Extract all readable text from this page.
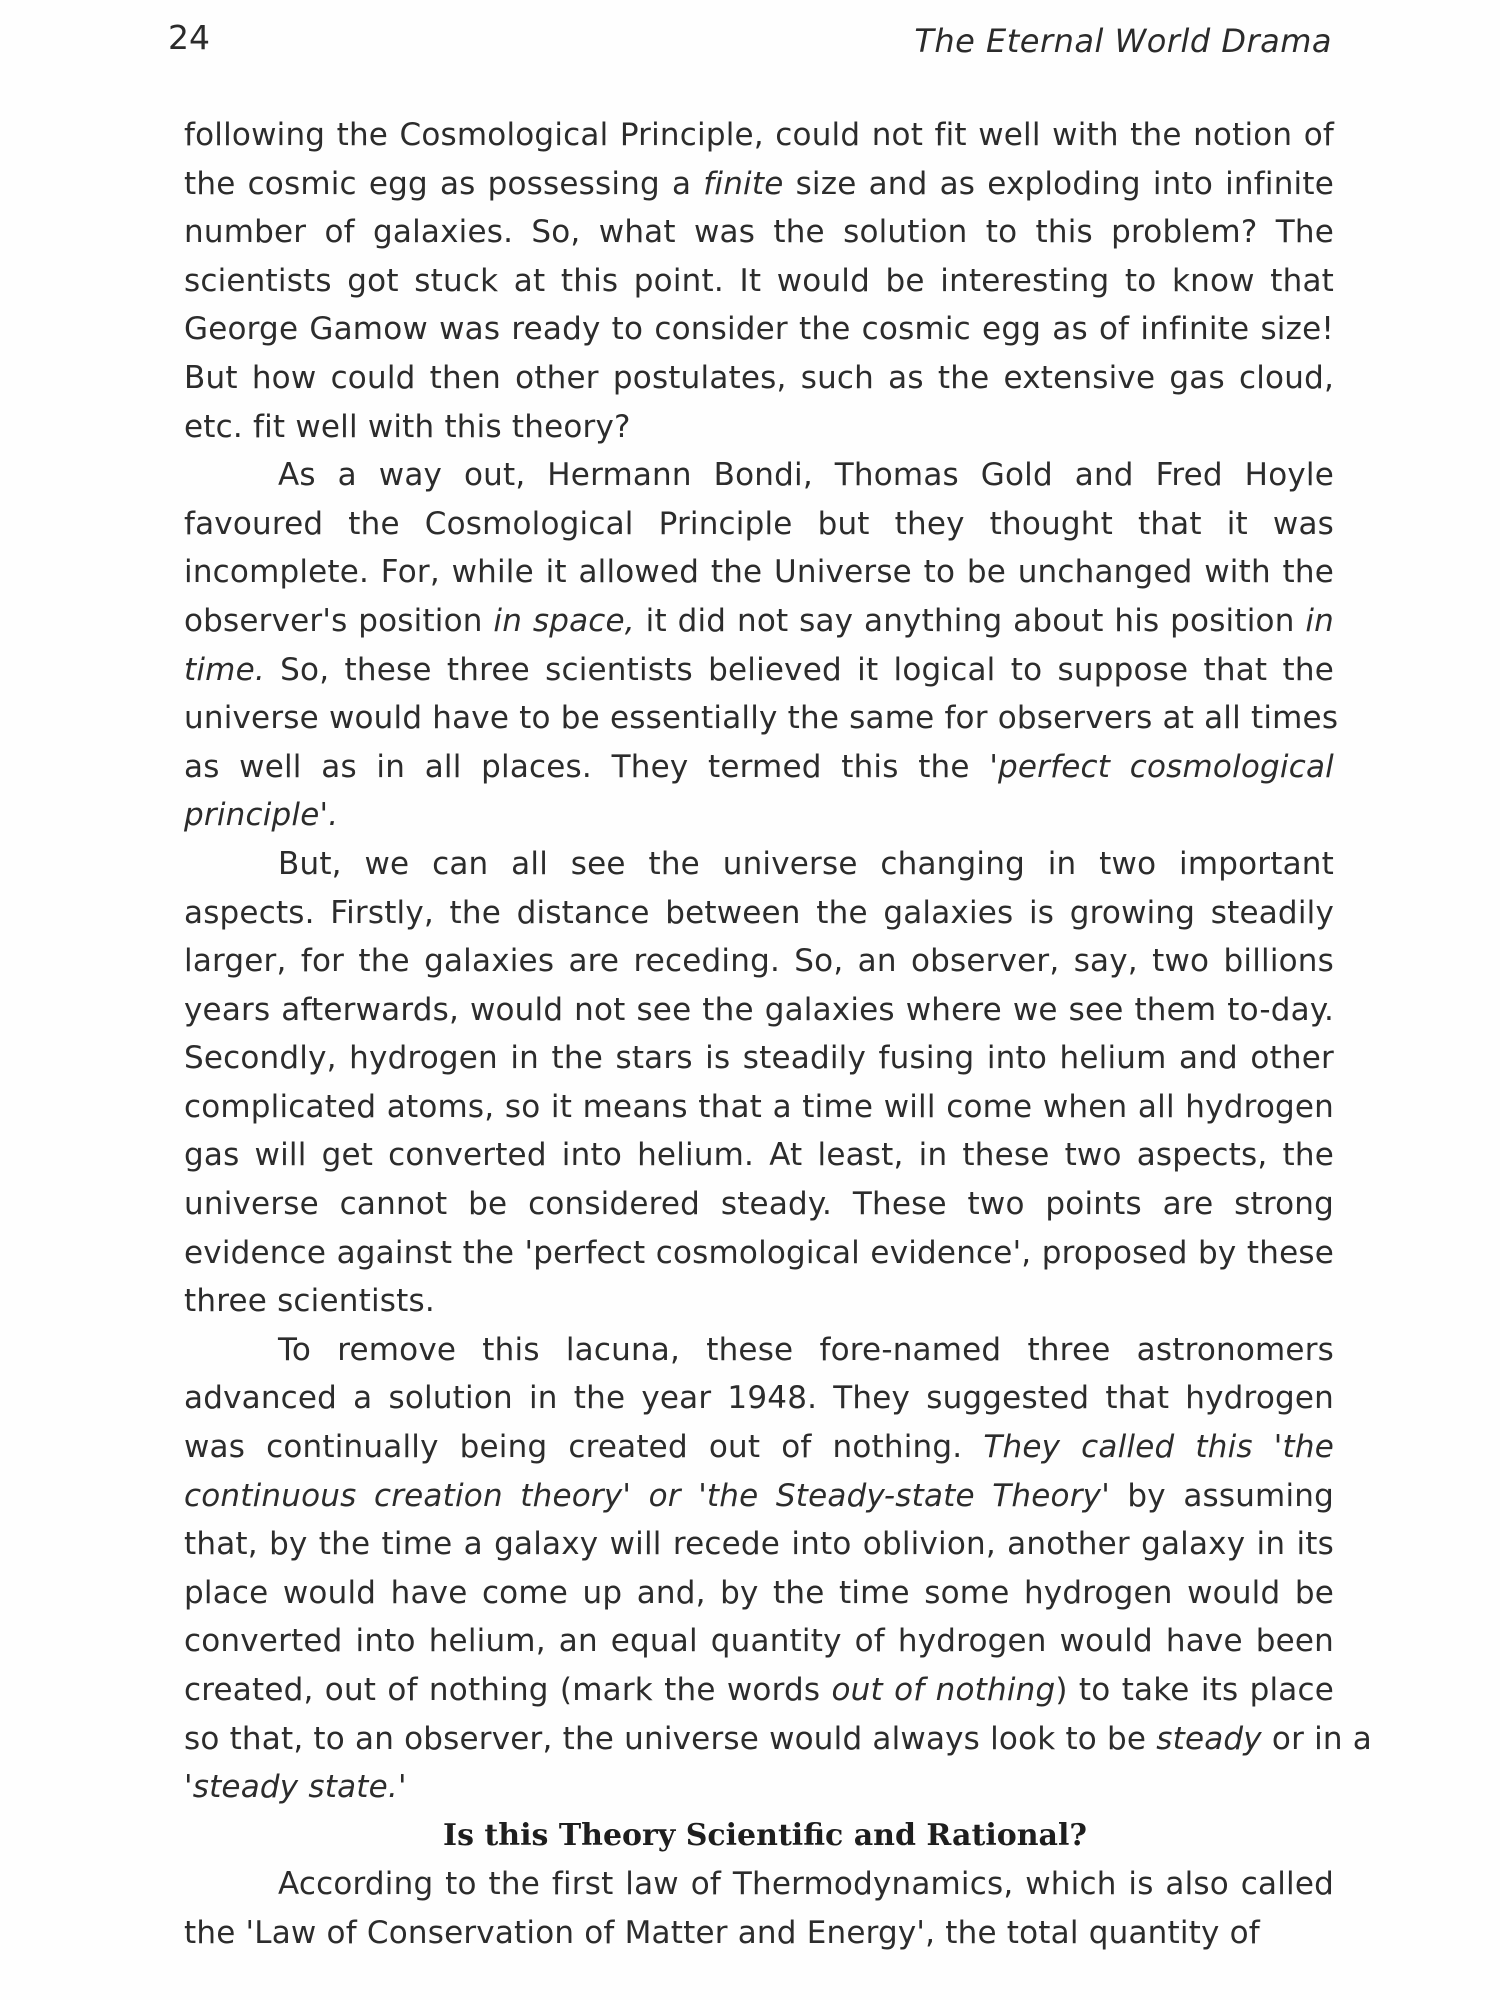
24	The Eternal World Drama
following the Cosmological Principle, could not fit well with the notion of
the cosmic egg as possessing a finite size and as exploding into infinite
number of galaxies. So, what was the solution to this problem? The
scientists got stuck at this point. It would be interesting to know that
George Gamow was ready to consider the cosmic egg as of infinite size!
But how could then other postulates, such as the extensive gas cloud,
etc. fit well with this theory?
As a way out, Hermann Bondi, Thomas Gold and Fred Hoyle
favoured the Cosmological Principle but they thought that it was
incomplete. For, while it allowed the Universe to be unchanged with the
observer's position in space, it did not say anything about his position in
time. So, these three scientists believed it logical to suppose that the
universe would have to be essentially the same for observers at all times
as well as in all places. They termed this the 'perfect cosmological
principle'.
But, we can all see the universe changing in two important
aspects. Firstly, the distance between the galaxies is growing steadily
larger, for the galaxies are receding. So, an observer, say, two billions
years afterwards, would not see the galaxies where we see them to-day.
Secondly, hydrogen in the stars is steadily fusing into helium and other
complicated atoms, so it means that a time will come when all hydrogen
gas will get converted into helium. At least, in these two aspects, the
universe cannot be considered steady. These two points are strong
evidence against the 'perfect cosmological evidence', proposed by these
three scientists.
To remove this lacuna, these fore-named three astronomers
advanced a solution in the year 1948. They suggested that hydrogen
was continually being created out of nothing. They called this 'the
continuous creation theory' or 'the Steady-state Theory' by assuming
that, by the time a galaxy will recede into oblivion, another galaxy in its
place would have come up and, by the time some hydrogen would be
converted into helium, an equal quantity of hydrogen would have been
created, out of nothing (mark the words out of nothing) to take its place
so that, to an observer, the universe would always look to be steady or in a
'steady state.'
Is this Theory Scientific and Rational?
According to the first law of Thermodynamics, which is also called
the 'Law of Conservation of Matter and Energy', the total quantity of
